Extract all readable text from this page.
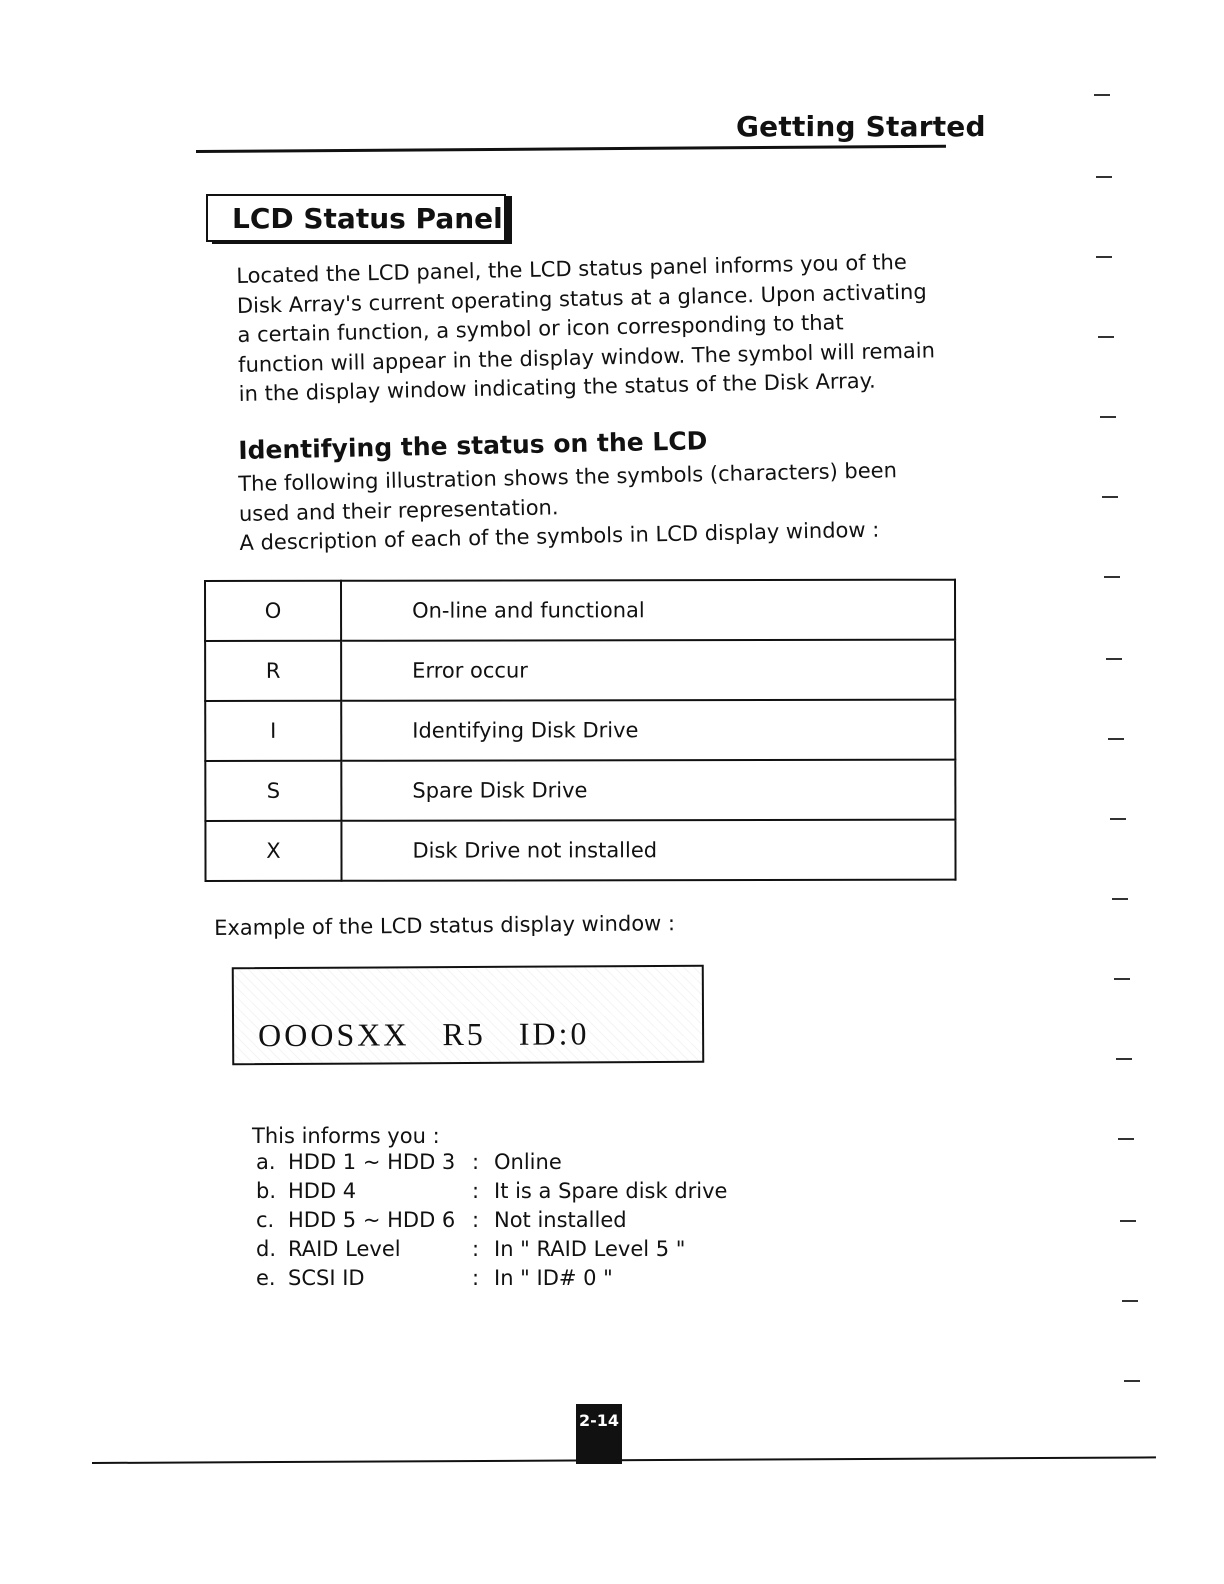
Getting Started
LCD Status Panel

Located the LCD panel, the LCD status panel informs you of the

Disk Array's current operating status at a glance. Upon activating

a certain function, a symbol or icon corresponding to that

function will appear in the display window. The symbol will remain

in the display window indicating the status of the Disk Array.

Identifying the status on the LCD

The following illustration shows the symbols (characters) been

used and their representation.

A description of each of the symbols in LCD display window :

O	On-line and functional
R	Error occur
I	Identifying Disk Drive
S	Spare Disk Drive
X	Disk Drive not installed
Example of the LCD status display window :
OOOSXX   R5   ID:0

This informs you :

a. HDD 1 ~ HDD 3 : Online
b. HDD 4	: It is a Spare disk drive
c. HDD 5 ~ HDD 6 : Not installed
d. RAID Level	: In " RAID Level 5 "
e. SCSI ID	: In " ID# 0 "
2-14
